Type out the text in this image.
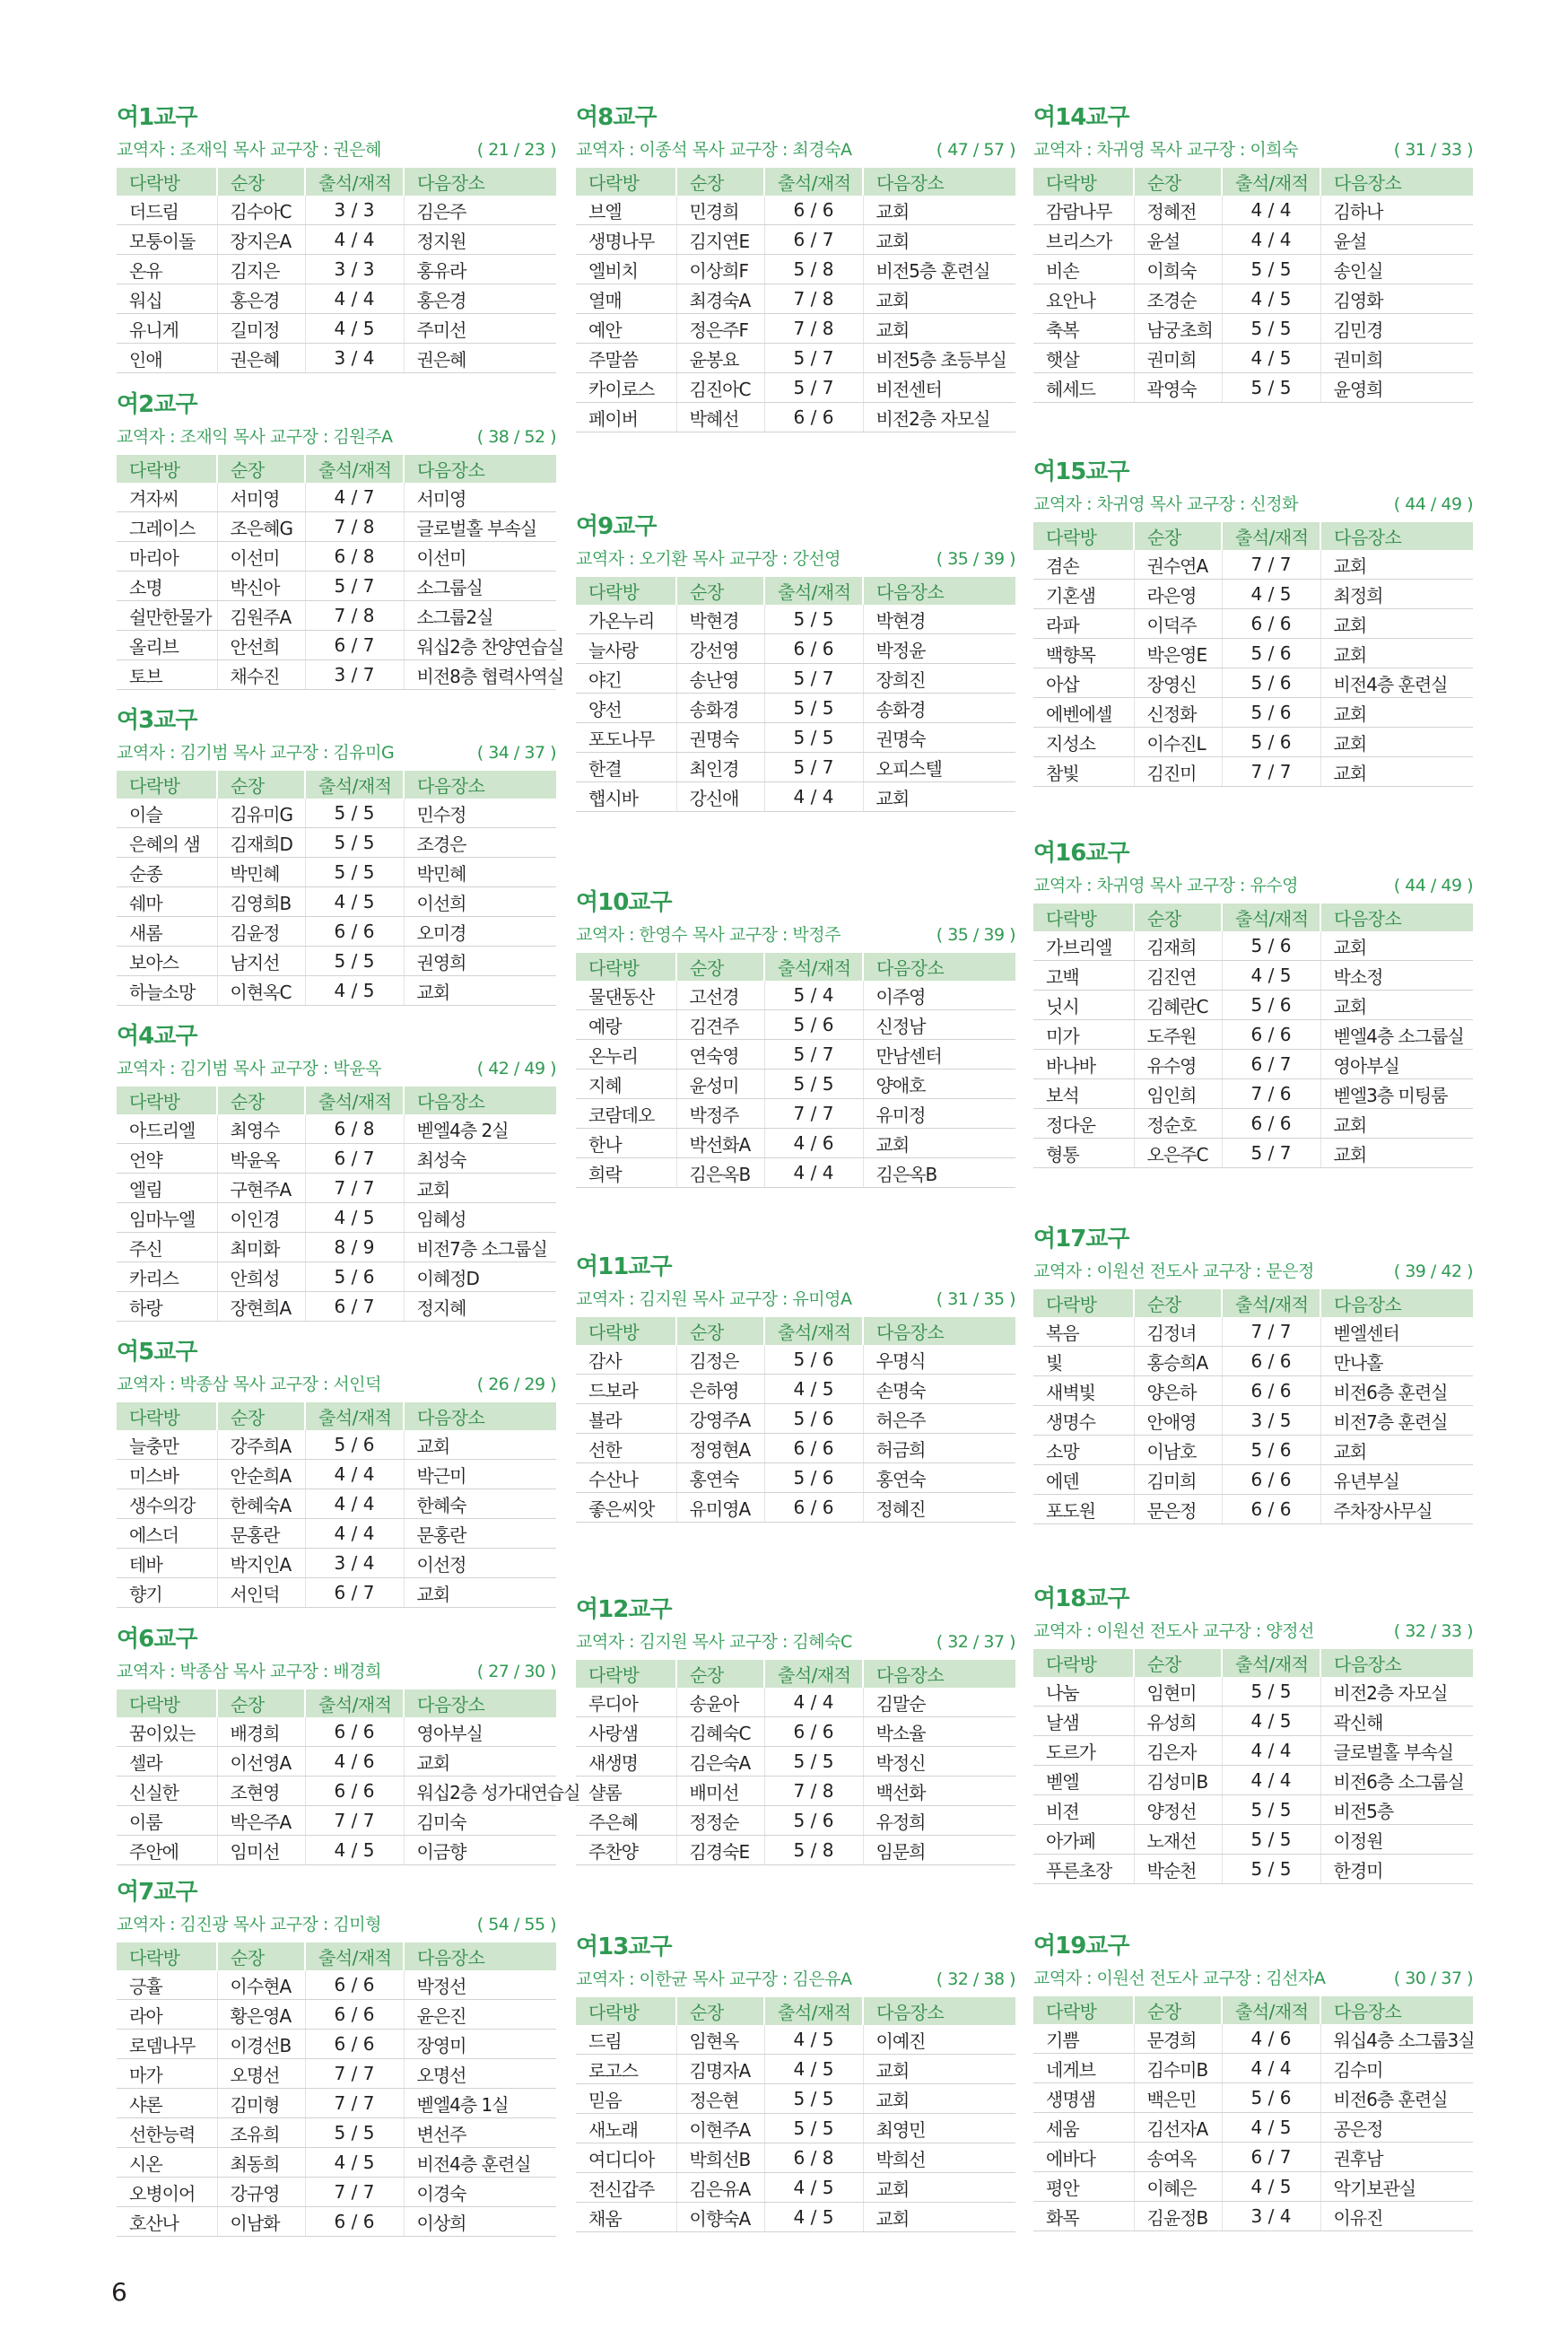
여1교구
교역자 : 조재익 목사 교구장 : 권은혜	( 21 / 23 )
다락방	순장	출석/재적	다음장소
더드림	김수아C	3 / 3	김은주
모퉁이돌	장지은A	4 / 4	정지원
온유	김지은	3 / 3	홍유라
워십	홍은경	4 / 4	홍은경
유니게	길미정	4 / 5	주미선
인애	권은혜	3 / 4	권은혜
여2교구
교역자 : 조재익 목사 교구장 : 김원주A	( 38 / 52 )
다락방	순장	출석/재적	다음장소
겨자씨	서미영	4 / 7	서미영
그레이스	조은혜G	7 / 8	글로벌홀 부속실
마리아	이선미	6 / 8	이선미
소명	박신아	5 / 7	소그룹실
쉴만한물가	김원주A	7 / 8	소그룹2실
올리브	안선희	6 / 7	워십2층 찬양연습실
토브	채수진	3 / 7	비전8층 협력사역실
여3교구
교역자 : 김기범 목사 교구장 : 김유미G	( 34 / 37 )
다락방	순장	출석/재적	다음장소
이슬	김유미G	5 / 5	민수정
은혜의 샘	김재희D	5 / 5	조경은
순종	박민혜	5 / 5	박민혜
쉐마	김영희B	4 / 5	이선희
새롬	김윤정	6 / 6	오미경
보아스	남지선	5 / 5	권영희
하늘소망	이현옥C	4 / 5	교회
여4교구
교역자 : 김기범 목사 교구장 : 박윤옥	( 42 / 49 )
다락방	순장	출석/재적	다음장소
아드리엘	최영수	6 / 8	벧엘4층 2실
언약	박윤옥	6 / 7	최성숙
엘림	구현주A	7 / 7	교회
임마누엘	이인경	4 / 5	임혜성
주신	최미화	8 / 9	비전7층 소그룹실
카리스	안희성	5 / 6	이혜정D
하랑	장현희A	6 / 7	정지혜
여5교구
교역자 : 박종삼 목사 교구장 : 서인덕	( 26 / 29 )
다락방	순장	출석/재적	다음장소
늘충만	강주희A	5 / 6	교회
미스바	안순희A	4 / 4	박근미
생수의강	한혜숙A	4 / 4	한혜숙
에스더	문홍란	4 / 4	문홍란
테바	박지인A	3 / 4	이선정
향기	서인덕	6 / 7	교회
여6교구
교역자 : 박종삼 목사 교구장 : 배경희	( 27 / 30 )
다락방	순장	출석/재적	다음장소
꿈이있는	배경희	6 / 6	영아부실
셀라	이선영A	4 / 6	교회
신실한	조현영	6 / 6	워십2층 성가대연습실
이룸	박은주A	7 / 7	김미숙
주안에	임미선	4 / 5	이금향
여7교구
교역자 : 김진광 목사 교구장 : 김미형	( 54 / 55 )
다락방	순장	출석/재적	다음장소
긍휼	이수현A	6 / 6	박정선
라아	황은영A	6 / 6	윤은진
로뎀나무	이경선B	6 / 6	장영미
마가	오명선	7 / 7	오명선
샤론	김미형	7 / 7	벧엘4층 1실
선한능력	조유희	5 / 5	변선주
시온	최동희	4 / 5	비전4층 훈련실
오병이어	강규영	7 / 7	이경숙
호산나	이남화	6 / 6	이상희
여8교구
교역자 : 이종석 목사 교구장 : 최경숙A	( 47 / 57 )
다락방	순장	출석/재적	다음장소
브엘	민경희	6 / 6	교회
생명나무	김지연E	6 / 7	교회
엘비치	이상희F	5 / 8	비전5층 훈련실
열매	최경숙A	7 / 8	교회
예안	정은주F	7 / 8	교회
주말씀	윤봉요	5 / 7	비전5층 초등부실
카이로스	김진아C	5 / 7	비전센터
페이버	박혜선	6 / 6	비전2층 자모실
여9교구
교역자 : 오기환 목사 교구장 : 강선영	( 35 / 39 )
다락방	순장	출석/재적	다음장소
가온누리	박현경	5 / 5	박현경
늘사랑	강선영	6 / 6	박정윤
야긴	송난영	5 / 7	장희진
양선	송화경	5 / 5	송화경
포도나무	권명숙	5 / 5	권명숙
한결	최인경	5 / 7	오피스텔
햅시바	강신애	4 / 4	교회
여10교구
교역자 : 한영수 목사 교구장 : 박정주	( 35 / 39 )
다락방	순장	출석/재적	다음장소
물댄동산	고선경	5 / 4	이주영
예랑	김견주	5 / 6	신정남
온누리	연숙영	5 / 7	만남센터
지혜	윤성미	5 / 5	양애호
코람데오	박정주	7 / 7	유미정
한나	박선화A	4 / 6	교회
희락	김은옥B	4 / 4	김은옥B
여11교구
교역자 : 김지원 목사 교구장 : 유미영A	( 31 / 35 )
다락방	순장	출석/재적	다음장소
감사	김정은	5 / 6	우명식
드보라	은하영	4 / 5	손명숙
뵬라	강영주A	5 / 6	허은주
선한	정영현A	6 / 6	허금희
수산나	홍연숙	5 / 6	홍연숙
좋은씨앗	유미영A	6 / 6	정혜진
여12교구
교역자 : 김지원 목사 교구장 : 김혜숙C	( 32 / 37 )
다락방	순장	출석/재적	다음장소
루디아	송윤아	4 / 4	김말순
사랑샘	김혜숙C	6 / 6	박소율
새생명	김은숙A	5 / 5	박정신
샬롬	배미선	7 / 8	백선화
주은혜	정정순	5 / 6	유정희
주찬양	김경숙E	5 / 8	임문희
여13교구
교역자 : 이한균 목사 교구장 : 김은유A	( 32 / 38 )
다락방	순장	출석/재적	다음장소
드림	임현옥	4 / 5	이예진
로고스	김명자A	4 / 5	교회
믿음	정은현	5 / 5	교회
새노래	이현주A	5 / 5	최영민
여디디아	박희선B	6 / 8	박희선
전신갑주	김은유A	4 / 5	교회
채움	이향숙A	4 / 5	교회
여14교구
교역자 : 차귀영 목사 교구장 : 이희숙	( 31 / 33 )
다락방	순장	출석/재적	다음장소
감람나무	정혜전	4 / 4	김하나
브리스가	윤설	4 / 4	윤설
비손	이희숙	5 / 5	송인실
요안나	조경순	4 / 5	김영화
축복	남궁초희	5 / 5	김민경
햇살	권미희	4 / 5	권미희
헤세드	곽영숙	5 / 5	윤영희
여15교구
교역자 : 차귀영 목사 교구장 : 신정화	( 44 / 49 )
다락방	순장	출석/재적	다음장소
겸손	권수연A	7 / 7	교회
기혼샘	라은영	4 / 5	최정희
라파	이덕주	6 / 6	교회
백향목	박은영E	5 / 6	교회
아삽	장영신	5 / 6	비전4층 훈련실
에벤에셀	신정화	5 / 6	교회
지성소	이수진L	5 / 6	교회
참빛	김진미	7 / 7	교회
여16교구
교역자 : 차귀영 목사 교구장 : 유수영	( 44 / 49 )
다락방	순장	출석/재적	다음장소
가브리엘	김재희	5 / 6	교회
고백	김진연	4 / 5	박소정
닛시	김혜란C	5 / 6	교회
미가	도주원	6 / 6	벧엘4층 소그룹실
바나바	유수영	6 / 7	영아부실
보석	임인희	7 / 6	벧엘3층 미팅룸
정다운	정순호	6 / 6	교회
형통	오은주C	5 / 7	교회
여17교구
교역자 : 이원선 전도사 교구장 : 문은정	( 39 / 42 )
다락방	순장	출석/재적	다음장소
복음	김정녀	7 / 7	벧엘센터
빛	홍승희A	6 / 6	만나홀
새벽빛	양은하	6 / 6	비전6층 훈련실
생명수	안애영	3 / 5	비전7층 훈련실
소망	이남호	5 / 6	교회
에덴	김미희	6 / 6	유년부실
포도원	문은정	6 / 6	주차장사무실
여18교구
교역자 : 이원선 전도사 교구장 : 양정선	( 32 / 33 )
다락방	순장	출석/재적	다음장소
나눔	임현미	5 / 5	비전2층 자모실
날샘	유성희	4 / 5	곽신해
도르가	김은자	4 / 4	글로벌홀 부속실
벧엘	김성미B	4 / 4	비전6층 소그룹실
비젼	양정선	5 / 5	비전5층
아가페	노재선	5 / 5	이정원
푸른초장	박순천	5 / 5	한경미
여19교구
교역자 : 이원선 전도사 교구장 : 김선자A	( 30 / 37 )
다락방	순장	출석/재적	다음장소
기쁨	문경희	4 / 6	워십4층 소그룹3실
네게브	김수미B	4 / 4	김수미
생명샘	백은민	5 / 6	비전6층 훈련실
세움	김선자A	4 / 5	공은정
에바다	송여옥	6 / 7	권후남
평안	이혜은	4 / 5	악기보관실
화목	김윤정B	3 / 4	이유진
6
